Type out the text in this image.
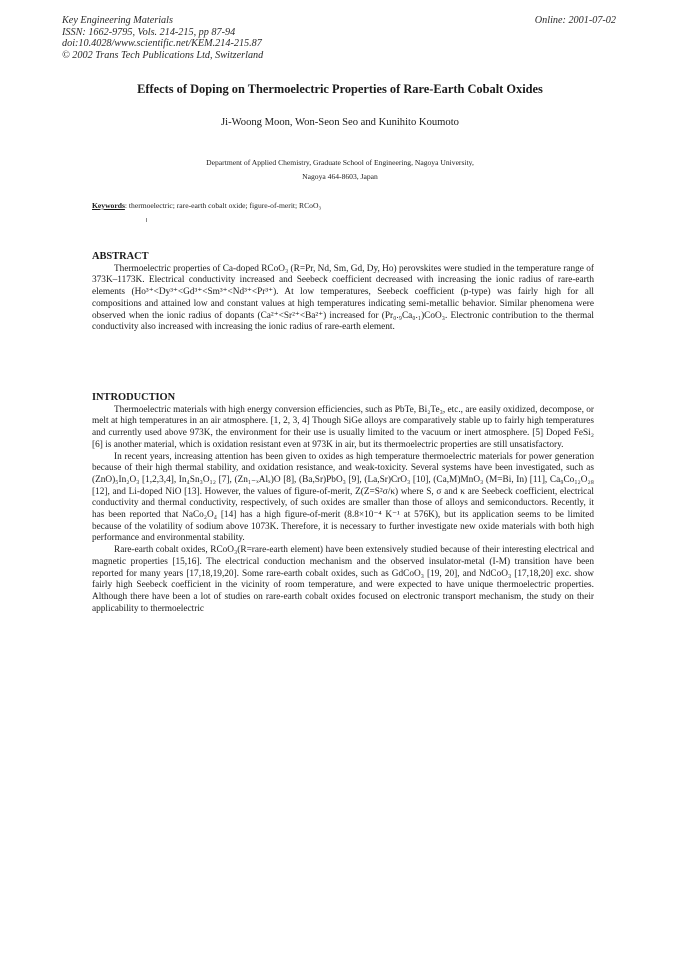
Key Engineering Materials
ISSN: 1662-9795, Vols. 214-215, pp 87-94
doi:10.4028/www.scientific.net/KEM.214-215.87
© 2002 Trans Tech Publications Ltd, Switzerland
Online: 2001-07-02
Effects of Doping on Thermoelectric Properties of Rare-Earth Cobalt Oxides
Ji-Woong Moon, Won-Seon Seo and Kunihito Koumoto
Department of Applied Chemistry, Graduate School of Engineering, Nagoya University,
Nagoya 464-8603, Japan
Keywords: thermoelectric; rare-earth cobalt oxide; figure-of-merit; RCoO₃
ABSTRACT

Thermoelectric properties of Ca-doped RCoO₃ (R=Pr, Nd, Sm, Gd, Dy, Ho) perovskites were studied in the temperature range of 373K–1173K. Electrical conductivity increased and Seebeck coefficient decreased with increasing the ionic radius of rare-earth elements (Ho³⁺<Dy³⁺<Gd³⁺<Sm³⁺<Nd³⁺<Pr³⁺). At low temperatures, Seebeck coefficient (p-type) was fairly high for all compositions and attained low and constant values at high temperatures indicating semi-metallic behavior. Similar phenomena were observed when the ionic radius of dopants (Ca²⁺<Sr²⁺<Ba²⁺) increased for (Pr₀.₉Ca₀.₁)CoO₃. Electronic contribution to the thermal conductivity also increased with increasing the ionic radius of rare-earth element.

INTRODUCTION

Thermoelectric materials with high energy conversion efficiencies, such as PbTe, Bi₂Te₃, etc., are easily oxidized, decompose, or melt at high temperatures in an air atmosphere. [1, 2, 3, 4] Though SiGe alloys are comparatively stable up to fairly high temperatures and currently used above 973K, the environment for their use is usually limited to the vacuum or inert atmosphere. [5] Doped FeSi₂ [6] is another material, which is oxidation resistant even at 973K in air, but its thermoelectric properties are still unsatisfactory.

In recent years, increasing attention has been given to oxides as high temperature thermoelectric materials for power generation because of their high thermal stability, and oxidation resistance, and weak-toxicity. Several systems have been investigated, such as (ZnO)₅In₂O₃ [1,2,3,4], In₄Sn₃O₁₂ [7], (Zn₁₋ₓAlₓ)O [8], (Ba,Sr)PbO₃ [9], (La,Sr)CrO₃ [10], (Ca,M)MnO₃ (M=Bi, In) [11], Ca₉Co₁₂O₂₈ [12], and Li-doped NiO [13]. However, the values of figure-of-merit, Z(Z=S²σ/κ) where S, σ and κ are Seebeck coefficient, electrical conductivity and thermal conductivity, respectively, of such oxides are smaller than those of alloys and semiconductors. Recently, it has been reported that NaCo₂O₄ [14] has a high figure-of-merit (8.8×10⁻⁴ K⁻¹ at 576K), but its application seems to be limited because of the volatility of sodium above 1073K. Therefore, it is necessary to further investigate new oxide materials with both high performance and environmental stability.

Rare-earth cobalt oxides, RCoO₃(R=rare-earth element) have been extensively studied because of their interesting electrical and magnetic properties [15,16]. The electrical conduction mechanism and the observed insulator-metal (I-M) transition have been reported for many years [17,18,19,20]. Some rare-earth cobalt oxides, such as GdCoO₃ [19, 20], and NdCoO₃ [17,18,20] exc. show fairly high Seebeck coefficient in the vicinity of room temperature, and were expected to have unique thermoelectric properties. Although there have been a lot of studies on rare-earth cobalt oxides focused on electronic transport mechanism, the study on their applicability to thermoelectric
